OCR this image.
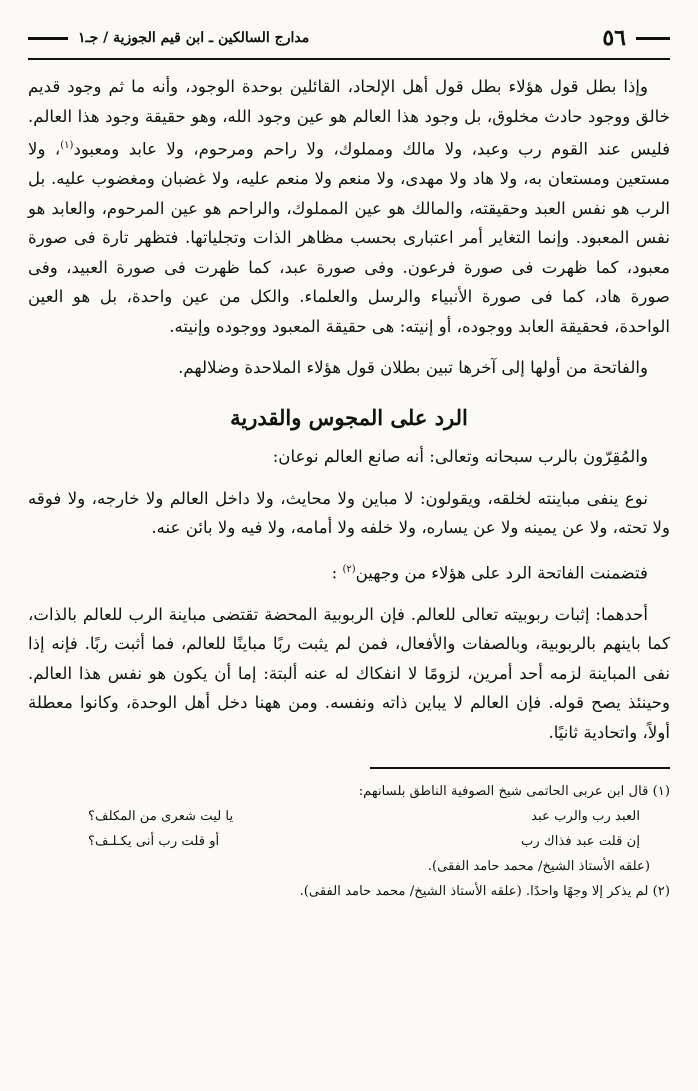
٥٦
مدارج السالكين ـ ابن قيم الجوزية / جـ١

وإذا بطل قول هؤلاء بطل قول أهل الإلحاد، القائلين بوحدة الوجود، وأنه ما ثم وجود قديم خالق ووجود حادث مخلوق، بل وجود هذا العالم هو عين وجود الله، وهو حقيقة وجود هذا العالم. فليس عند القوم رب وعبد، ولا مالك ومملوك، ولا راحم ومرحوم، ولا عابد ومعبود$^{(١)}$، ولا مستعين ومستعان به، ولا هاد ولا مهدى، ولا منعم ولا منعم عليه، ولا غضبان ومغضوب عليه. بل الرب هو نفس العبد وحقيقته، والمالك هو عين المملوك، والراحم هو عين المرحوم، والعابد هو نفس المعبود. وإنما التغاير أمر اعتبارى بحسب مظاهر الذات وتجلياتها. فتظهر تارة فى صورة معبود، كما ظهرت فى صورة فرعون. وفى صورة عبد، كما ظهرت فى صورة العبيد، وفى صورة هاد، كما فى صورة الأنبياء والرسل والعلماء. والكل من عين واحدة، بل هو العين الواحدة، فحقيقة العابد ووجوده، أو إنيته: هى حقيقة المعبود ووجوده وإنيته.

والفاتحة من أولها إلى آخرها تبين بطلان قول هؤلاء الملاحدة وضلالهم.

الرد على المجوس والقدرية

والمُقِرّون بالرب سبحانه وتعالى: أنه صانع العالم نوعان:

نوع ينفى مباينته لخلقه، ويقولون: لا مباين ولا محايث، ولا داخل العالم ولا خارجه، ولا فوقه ولا تحته، ولا عن يمينه ولا عن يساره، ولا خلفه ولا أمامه، ولا فيه ولا بائن عنه.

فتضمنت الفاتحة الرد على هؤلاء من وجهين$^{(٢)}$ :

أحدهما: إثبات ربوبيته تعالى للعالم. فإن الربوبية المحضة تقتضى مباينة الرب للعالم بالذات، كما باينهم بالربوبية، وبالصفات والأفعال، فمن لم يثبت ربًا مباينًا للعالم، فما أثبت ربًا. فإنه إذا نفى المباينة لزمه أحد أمرين، لزومًا لا انفكاك له عنه ألبتة: إما أن يكون هو نفس هذا العالم. وحينئذ يصح قوله. فإن العالم لا يباين ذاته ونفسه. ومن ههنا دخل أهل الوحدة، وكانوا معطلة أولاً، واتحادية ثانيًا.

(١) قال ابن عربى الحاتمى شيخ الصوفية الناطق بلسانهم:

العبد رب والرب عبد
يا ليت شعرى من المكلف؟
إن قلت عبد فذاك رب
أو قلت رب أنى يكـلـف؟

(علقه الأستاذ الشيخ/ محمد حامد الفقى).

(٢) لم يذكر إلا وجهًا واحدًا. (علقه الأستاذ الشيخ/ محمد حامد الفقى).
